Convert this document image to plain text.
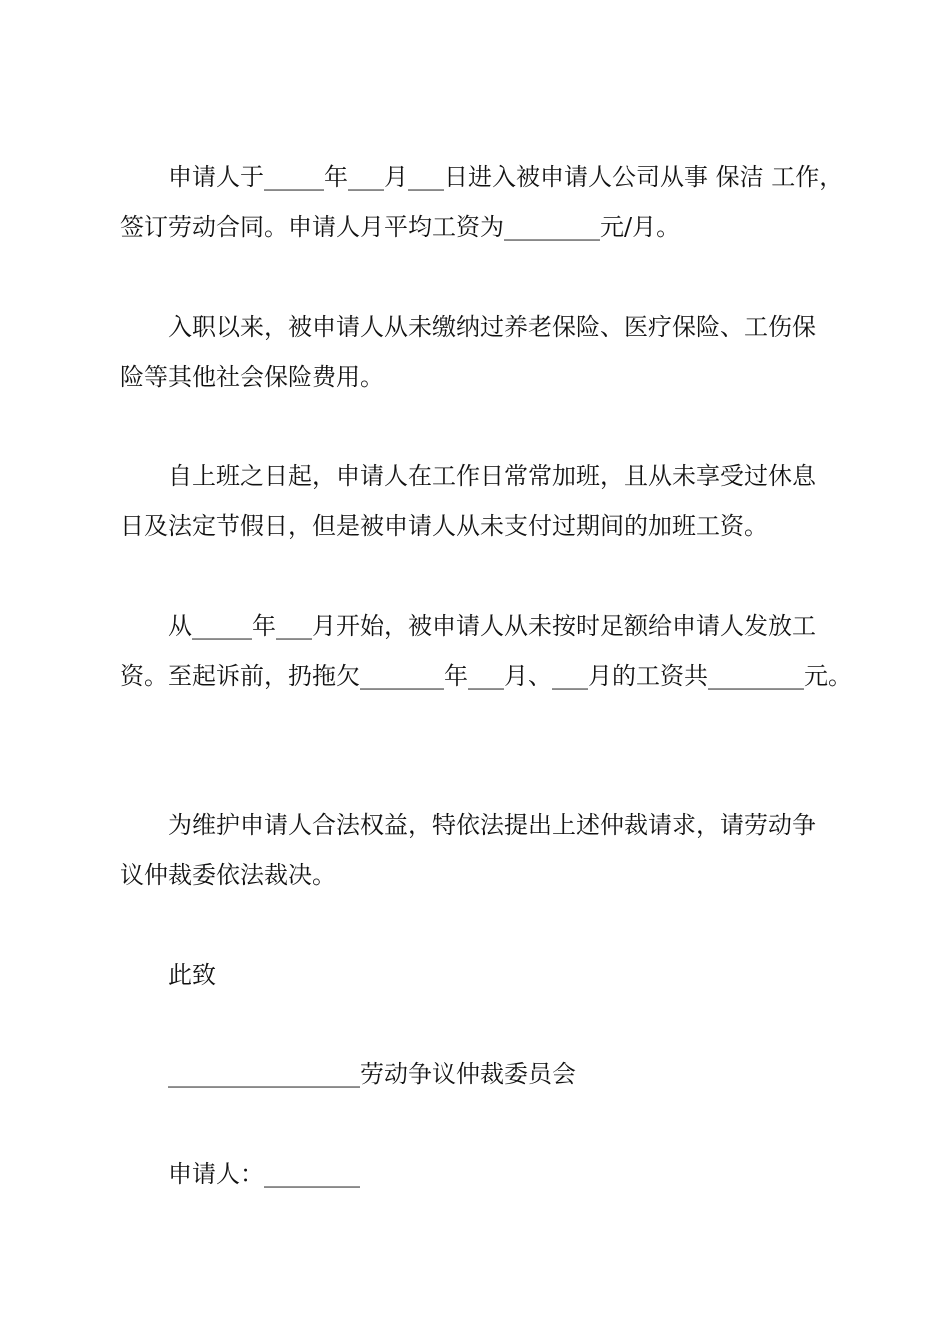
申请人于_____年___月___日进入被申请人公司从事 保洁 工作，
签订劳动合同。申请人月平均工资为________元/月。
入职以来，被申请人从未缴纳过养老保险、医疗保险、工伤保
险等其他社会保险费用。
自上班之日起，申请人在工作日常常加班，且从未享受过休息
日及法定节假日，但是被申请人从未支付过期间的加班工资。
从_____年___月开始，被申请人从未按时足额给申请人发放工
资。至起诉前，扔拖欠_______年___月、___月的工资共________元。
为维护申请人合法权益，特依法提出上述仲裁请求，请劳动争
议仲裁委依法裁决。
此致
________________劳动争议仲裁委员会
申请人：________
